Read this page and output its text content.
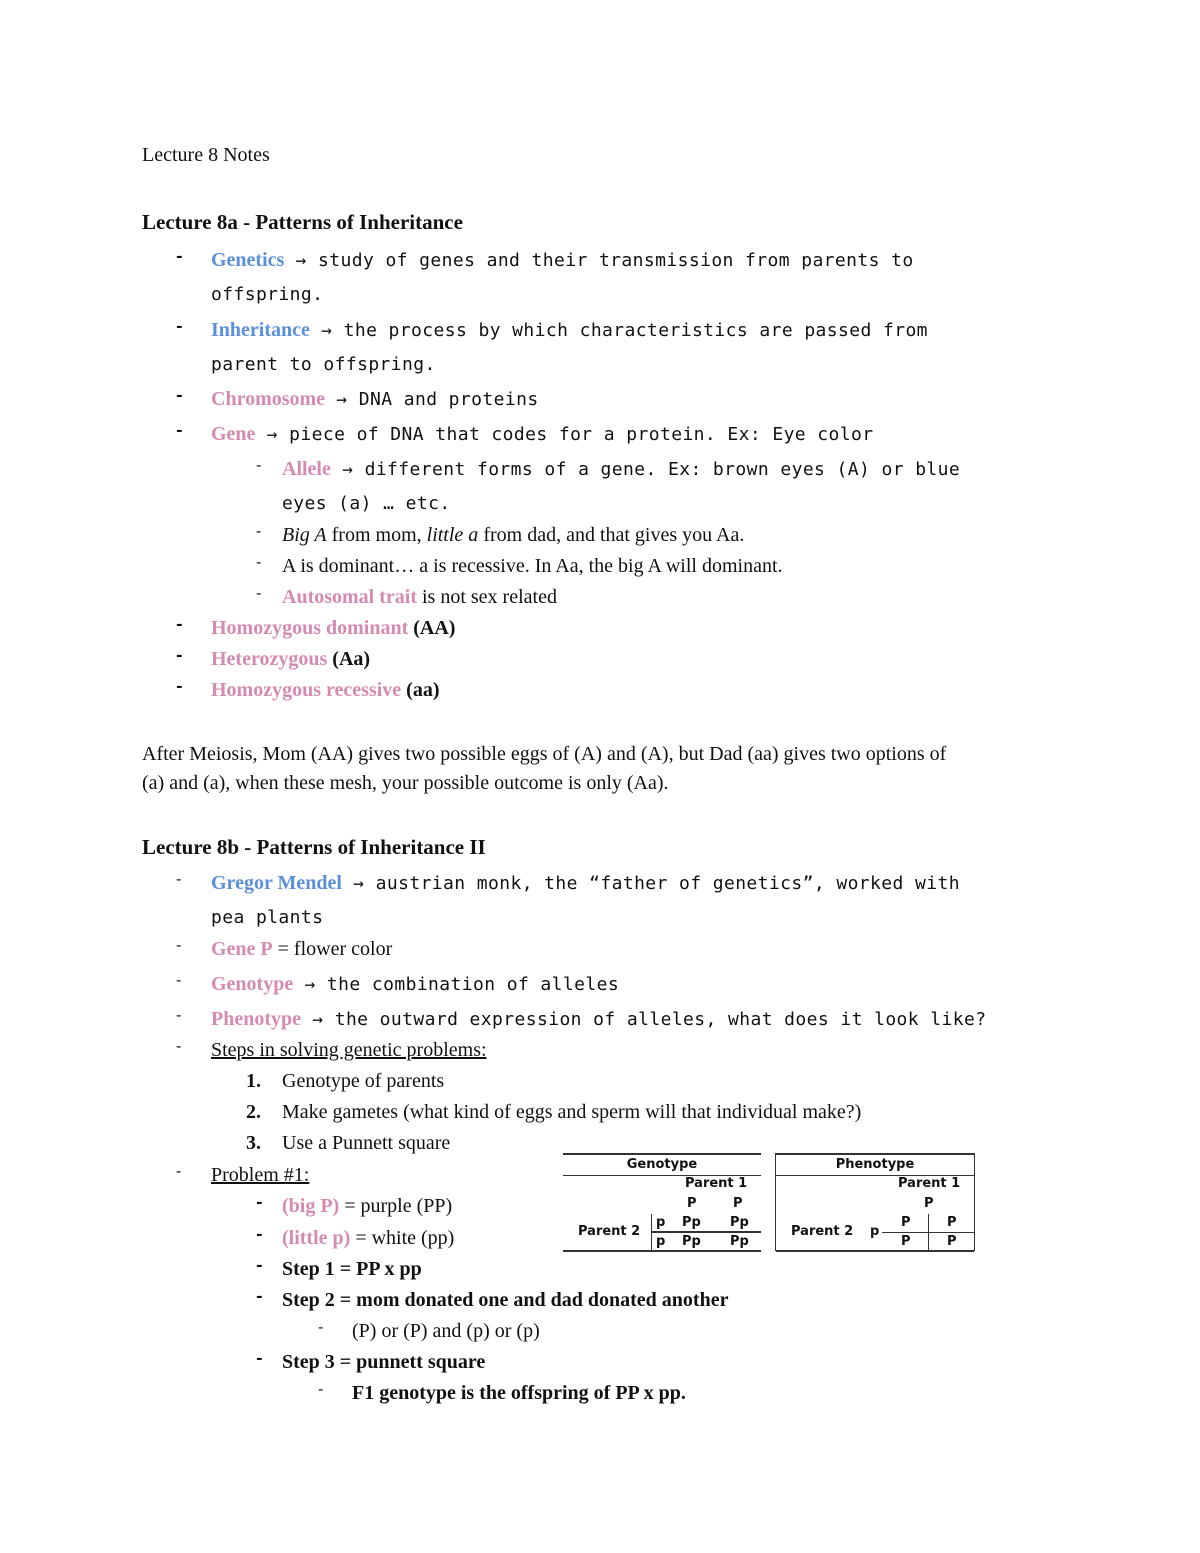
Lecture 8 Notes
Lecture 8a - Patterns of Inheritance
- Genetics → study of genes and their transmission from parents to
offspring.
- Inheritance → the process by which characteristics are passed from
parent to offspring.
- Chromosome → DNA and proteins
- Gene → piece of DNA that codes for a protein. Ex: Eye color
- Allele → different forms of a gene. Ex: brown eyes (A) or blue
eyes (a) … etc.
- Big A from mom, little a from dad, and that gives you Aa.
- A is dominant… a is recessive. In Aa, the big A will dominant.
- Autosomal trait is not sex related
- Homozygous dominant (AA)
- Heterozygous (Aa)
- Homozygous recessive (aa)
After Meiosis, Mom (AA) gives two possible eggs of (A) and (A), but Dad (aa) gives two options of
(a) and (a), when these mesh, your possible outcome is only (Aa).
Lecture 8b - Patterns of Inheritance II
- Gregor Mendel → austrian monk, the “father of genetics”, worked with
pea plants
- Gene P = flower color
- Genotype → the combination of alleles
- Phenotype → the outward expression of alleles, what does it look like?
- Steps in solving genetic problems:
1. Genotype of parents
2. Make gametes (what kind of eggs and sperm will that individual make?)
3. Use a Punnett square
- Problem #1:
- (big P) = purple (PP)
- (little p) = white (pp)
- Step 1 = PP x pp
- Step 2 = mom donated one and dad donated another
- (P) or (P) and (p) or (p)
- Step 3 = punnett square
- F1 genotype is the offspring of PP x pp.
Genotype
Parent 1
P	P
Parent 2
p Pp Pp
p Pp Pp
Phenotype
Parent 1
P
Parent 2 p
P	P
P	P
